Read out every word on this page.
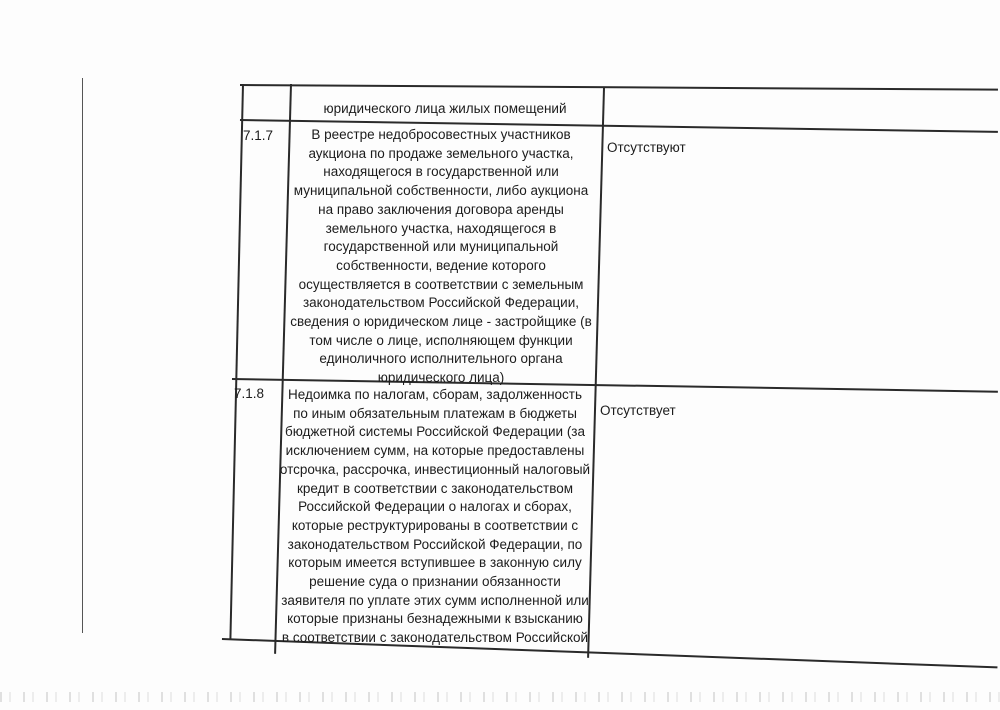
юридического лица жилых помещений
7.1.7	В реестре недобросовестных участников
аукциона по продаже земельного участка,
находящегося в государственной или
муниципальной собственности, либо аукциона
на право заключения договора аренды
земельного участка, находящегося в
государственной или муниципальной
собственности, ведение которого
осуществляется в соответствии с земельным
законодательством Российской Федерации,
сведения о юридическом лице - застройщике (в
том числе о лице, исполняющем функции
единоличного исполнительного органа
юридического лица)
Отсутствуют
7.1.8	Недоимка по налогам, сборам, задолженность
по иным обязательным платежам в бюджеты
бюджетной системы Российской Федерации (за
исключением сумм, на которые предоставлены
отсрочка, рассрочка, инвестиционный налоговый
кредит в соответствии с законодательством
Российской Федерации о налогах и сборах,
которые реструктурированы в соответствии с
законодательством Российской Федерации, по
которым имеется вступившее в законную силу
решение суда о признании обязанности
заявителя по уплате этих сумм исполненной или
которые признаны безнадежными к взысканию
в соответствии с законодательством Российской
Отсутствует
